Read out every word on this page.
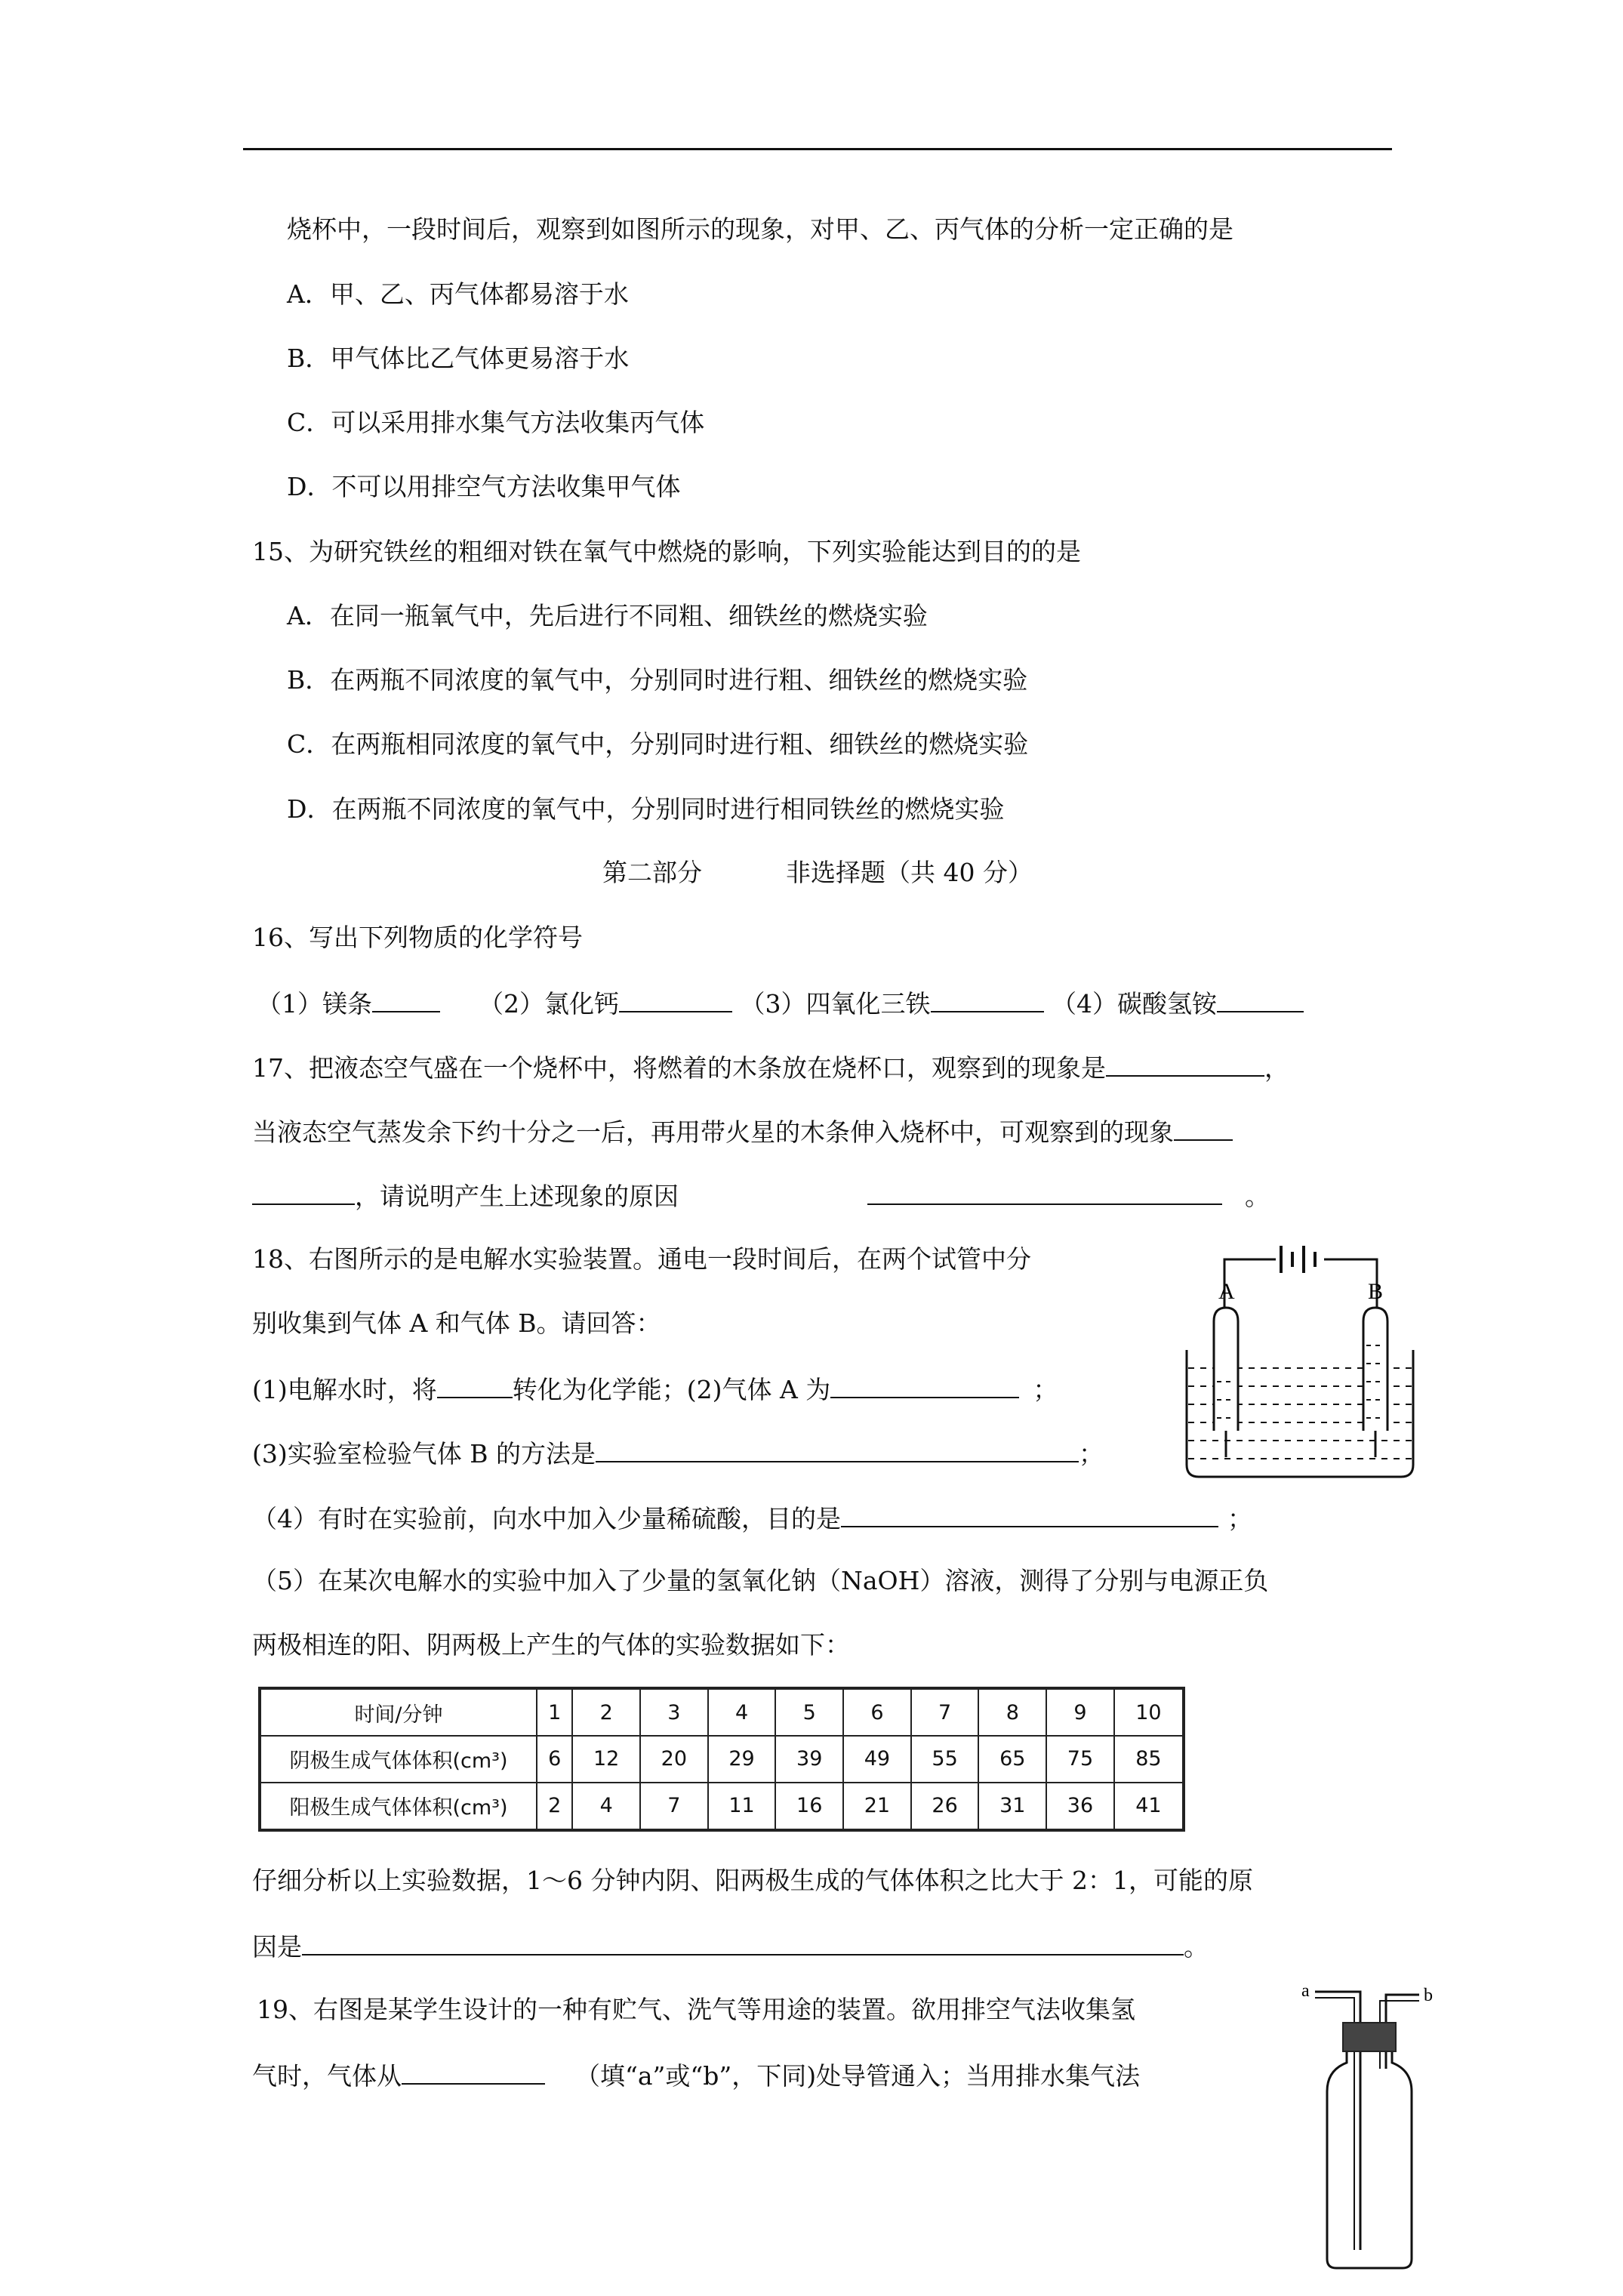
烧杯中，一段时间后，观察到如图所示的现象，对甲、乙、丙气体的分析一定正确的是
A．甲、乙、丙气体都易溶于水
B．甲气体比乙气体更易溶于水
C．可以采用排水集气方法收集丙气体
D．不可以用排空气方法收集甲气体
15、为研究铁丝的粗细对铁在氧气中燃烧的影响，下列实验能达到目的的是
A．在同一瓶氧气中，先后进行不同粗、细铁丝的燃烧实验
B．在两瓶不同浓度的氧气中，分别同时进行粗、细铁丝的燃烧实验
C．在两瓶相同浓度的氧气中，分别同时进行粗、细铁丝的燃烧实验
D．在两瓶不同浓度的氧气中，分别同时进行相同铁丝的燃烧实验
第二部分	非选择题（共 40 分）
16、写出下列物质的化学符号
（1）镁条	（2）氯化钙	（3）四氧化三铁	（4）碳酸氢铵
17、把液态空气盛在一个烧杯中，将燃着的木条放在烧杯口，观察到的现象是	，
当液态空气蒸发余下约十分之一后，再用带火星的木条伸入烧杯中，可观察到的现象
，请说明产生上述现象的原因	。
18、右图所示的是电解水实验装置。通电一段时间后，在两个试管中分
别收集到气体 A 和气体 B。请回答：
(1)电解水时，将	转化为化学能；(2)气体 A 为	；
(3)实验室检验气体 B 的方法是	；
（4）有时在实验前，向水中加入少量稀硫酸，目的是	；
（5）在某次电解水的实验中加入了少量的氢氧化钠（NaOH）溶液，测得了分别与电源正负
两极相连的阳、阴两极上产生的气体的实验数据如下：
A	B
时间/分钟	1	2	3	4	5	6	7	8	9	10
阴极生成气体体积(cm³)	6	12	20	29	39	49	55	65	75	85
阳极生成气体体积(cm³)	2	4	7	11	16	21	26	31	36	41
仔细分析以上实验数据，1～6 分钟内阴、阳两极生成的气体体积之比大于 2：1，可能的原
因是	。
19、右图是某学生设计的一种有贮气、洗气等用途的装置。欲用排空气法收集氢
气时，气体从	（填“a”或“b”，下同)处导管通入；当用排水集气法
a	b
